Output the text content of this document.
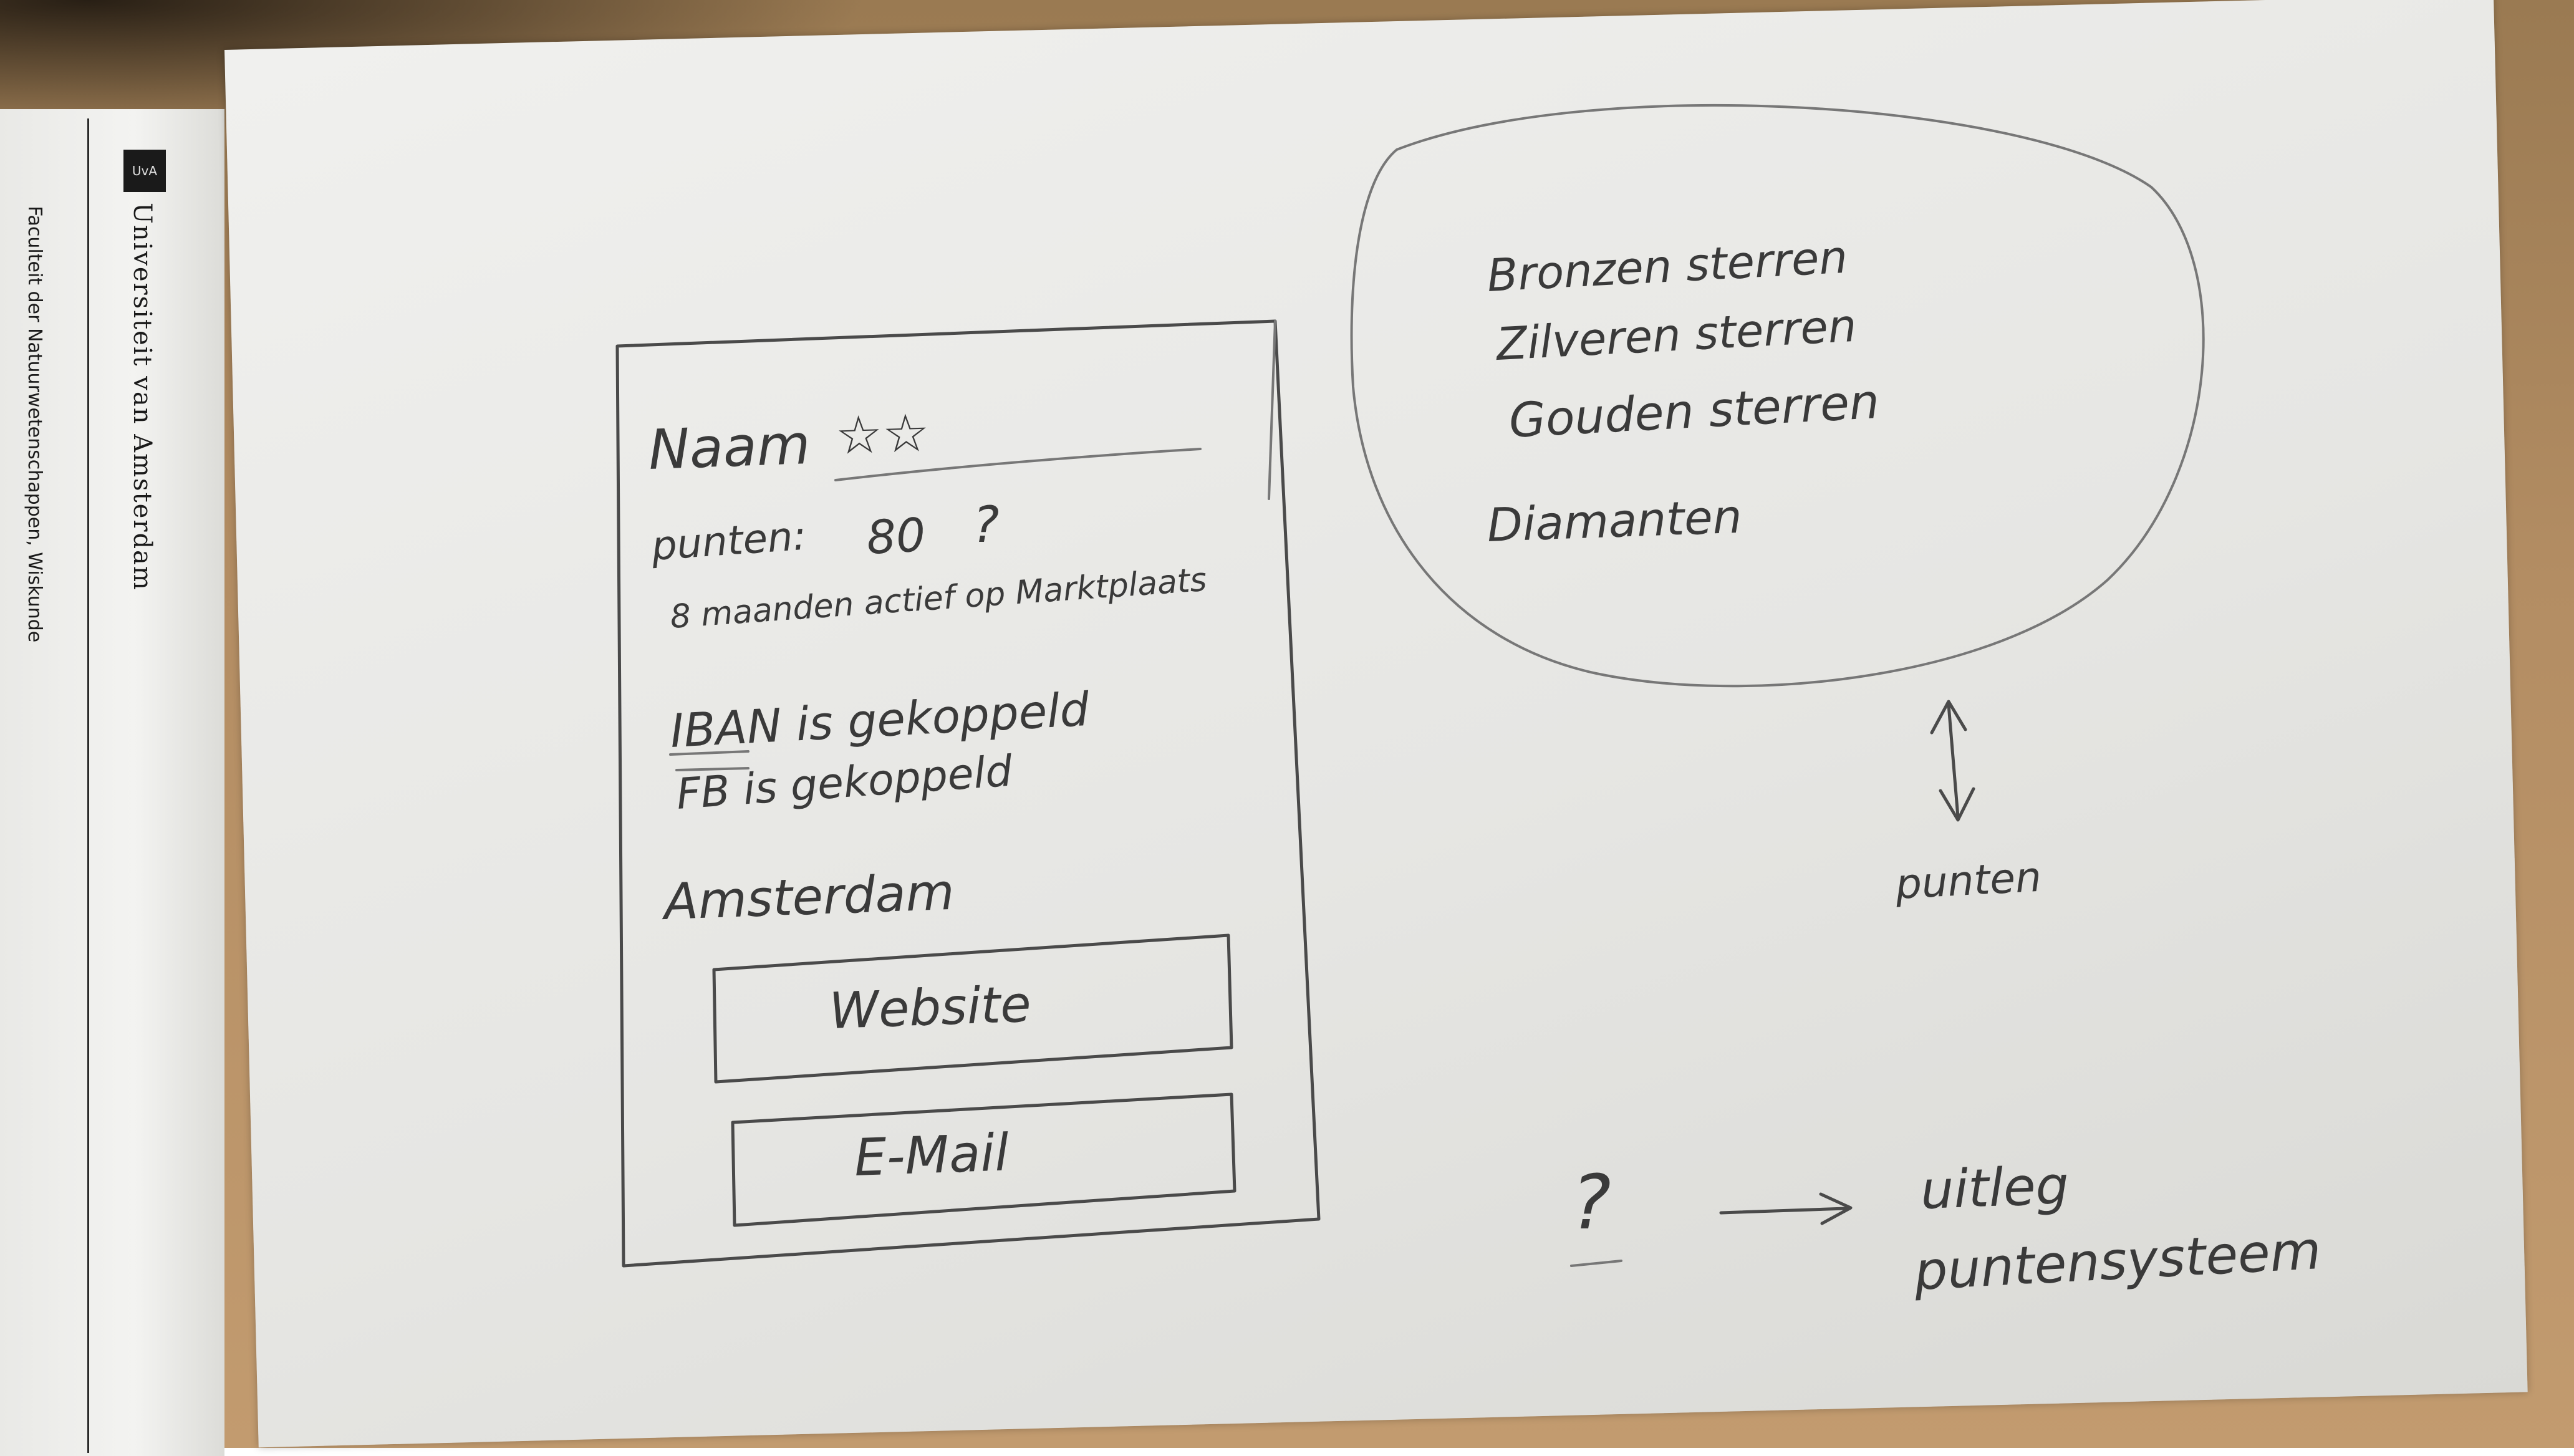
UvA
Universiteit van Amsterdam
Faculteit der Natuurwetenschappen, Wiskunde	Naam ☆☆
punten: 80 ?
8 maanden actief op Marktplaats
IBAN is gekoppeld
FB is gekoppeld
Amsterdam
Website
E-Mail
Bronzen sterren
Zilveren sterren
Gouden sterren
Diamanten
punten
?	uitleg
puntensysteem
